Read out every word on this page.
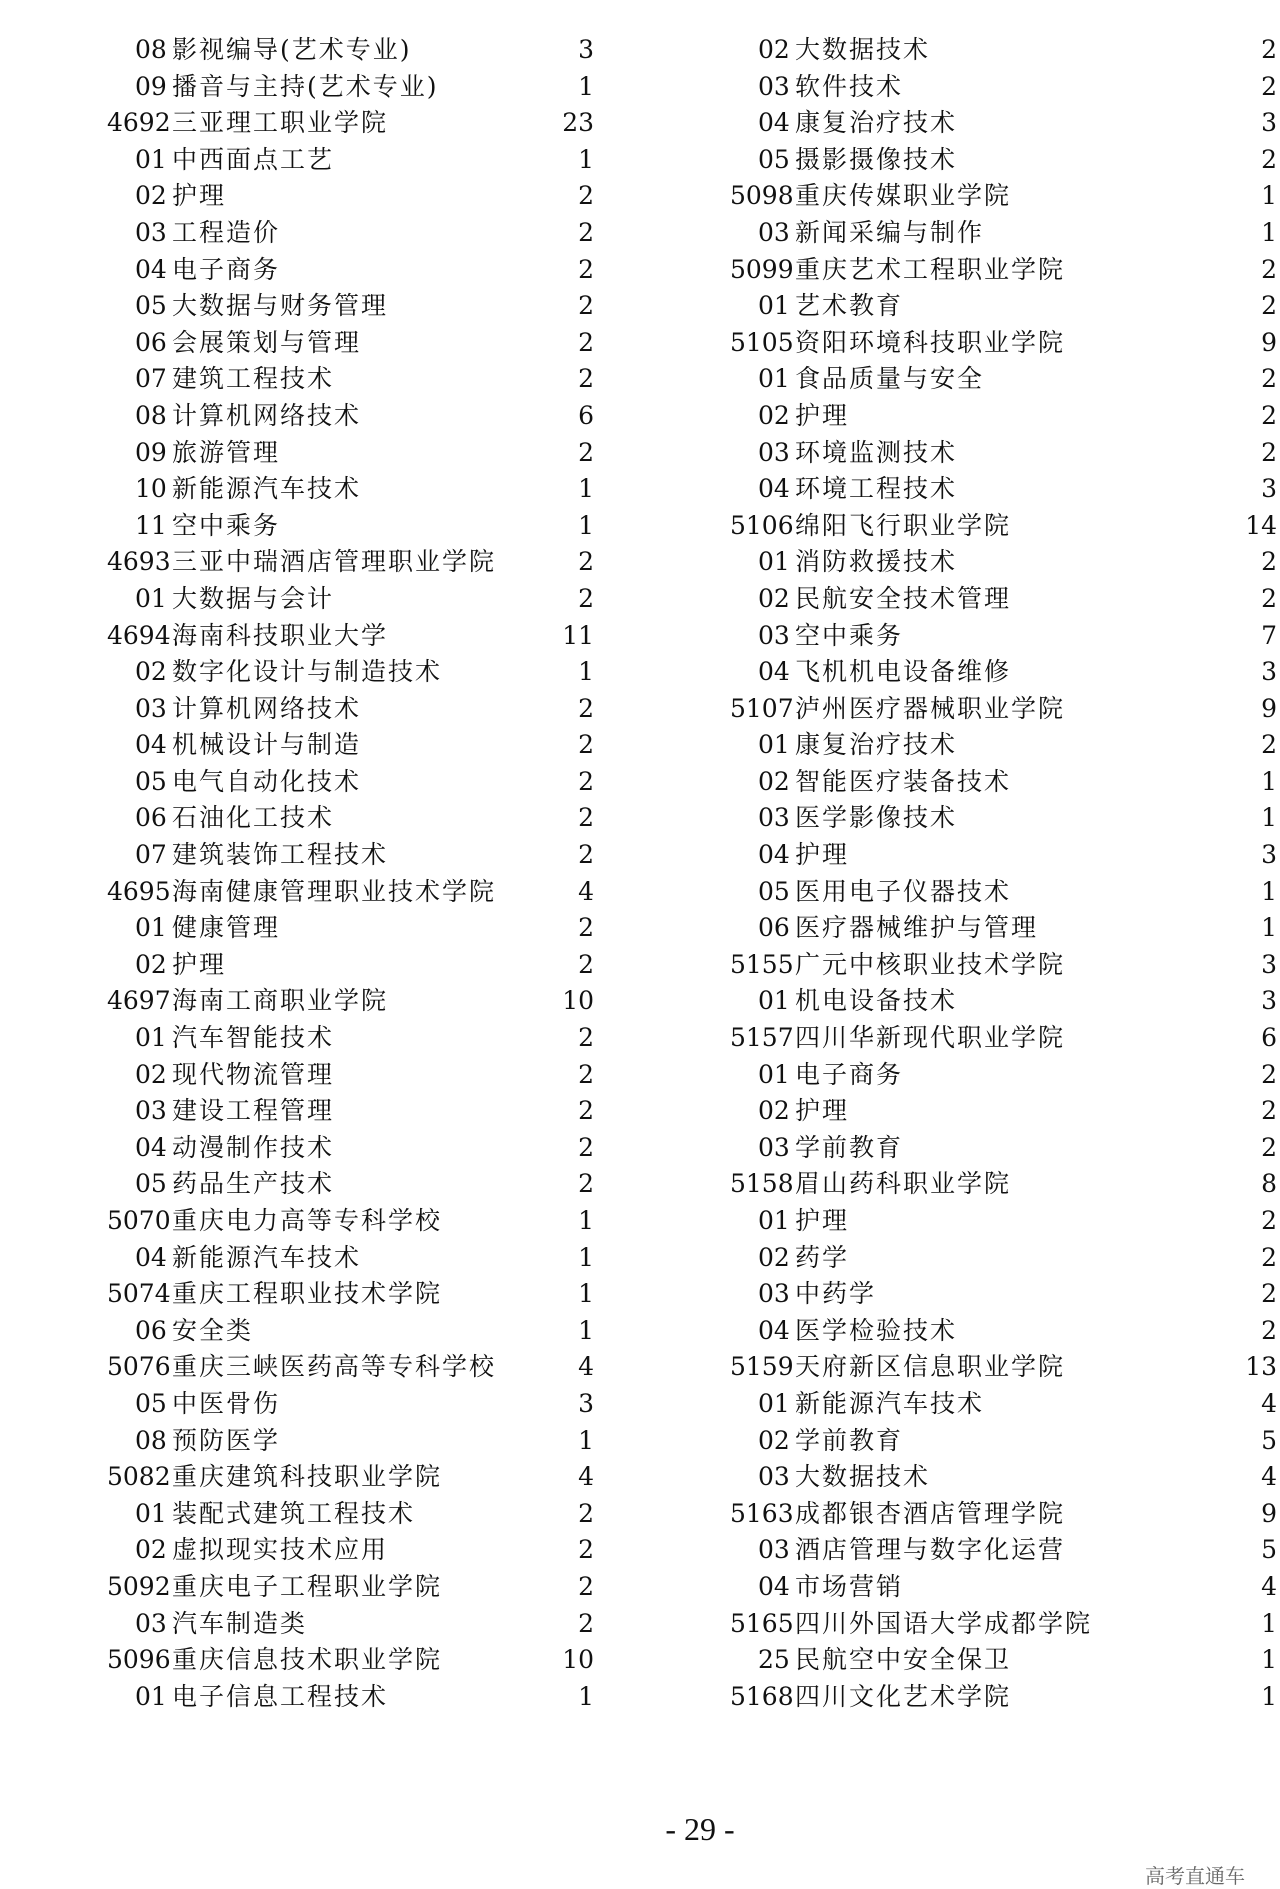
08 影视编导(艺术专业)	3
09 播音与主持(艺术专业)	1
4692 三亚理工职业学院	23
01 中西面点工艺	1
02 护理	2
03 工程造价	2
04 电子商务	2
05 大数据与财务管理	2
06 会展策划与管理	2
07 建筑工程技术	2
08 计算机网络技术	6
09 旅游管理	2
10 新能源汽车技术	1
11 空中乘务	1
4693 三亚中瑞酒店管理职业学院	2
01 大数据与会计	2
4694 海南科技职业大学	11
02 数字化设计与制造技术	1
03 计算机网络技术	2
04 机械设计与制造	2
05 电气自动化技术	2
06 石油化工技术	2
07 建筑装饰工程技术	2
4695 海南健康管理职业技术学院	4
01 健康管理	2
02 护理	2
4697 海南工商职业学院	10
01 汽车智能技术	2
02 现代物流管理	2
03 建设工程管理	2
04 动漫制作技术	2
05 药品生产技术	2
5070 重庆电力高等专科学校	1
04 新能源汽车技术	1
5074 重庆工程职业技术学院	1
06 安全类	1
5076 重庆三峡医药高等专科学校	4
05 中医骨伤	3
08 预防医学	1
5082 重庆建筑科技职业学院	4
01 装配式建筑工程技术	2
02 虚拟现实技术应用	2
5092 重庆电子工程职业学院	2
03 汽车制造类	2
5096 重庆信息技术职业学院	10
01 电子信息工程技术	1
02 大数据技术	2
03 软件技术	2
04 康复治疗技术	3
05 摄影摄像技术	2
5098 重庆传媒职业学院	1
03 新闻采编与制作	1
5099 重庆艺术工程职业学院	2
01 艺术教育	2
5105 资阳环境科技职业学院	9
01 食品质量与安全	2
02 护理	2
03 环境监测技术	2
04 环境工程技术	3
5106 绵阳飞行职业学院	14
01 消防救援技术	2
02 民航安全技术管理	2
03 空中乘务	7
04 飞机机电设备维修	3
5107 泸州医疗器械职业学院	9
01 康复治疗技术	2
02 智能医疗装备技术	1
03 医学影像技术	1
04 护理	3
05 医用电子仪器技术	1
06 医疗器械维护与管理	1
5155 广元中核职业技术学院	3
01 机电设备技术	3
5157 四川华新现代职业学院	6
01 电子商务	2
02 护理	2
03 学前教育	2
5158 眉山药科职业学院	8
01 护理	2
02 药学	2
03 中药学	2
04 医学检验技术	2
5159 天府新区信息职业学院	13
01 新能源汽车技术	4
02 学前教育	5
03 大数据技术	4
5163 成都银杏酒店管理学院	9
03 酒店管理与数字化运营	5
04 市场营销	4
5165 四川外国语大学成都学院	1
25 民航空中安全保卫	1
5168 四川文化艺术学院	1
- 29 -
高考直通车
